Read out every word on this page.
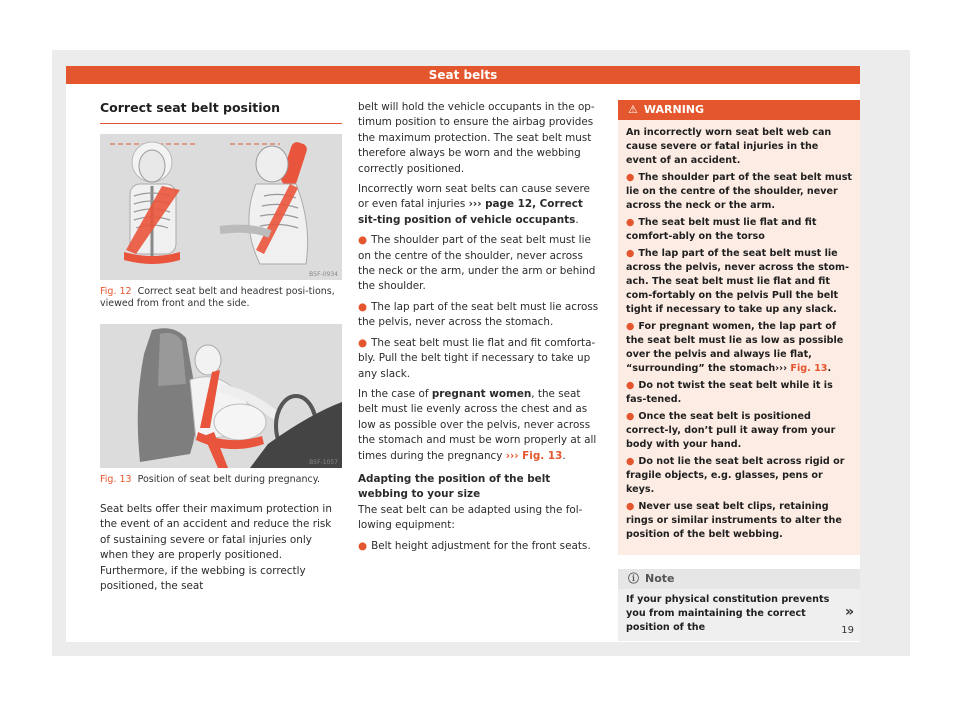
Seat belts
Correct seat belt position
B5F-0934
Fig. 12 Correct seat belt and headrest posi-tions, viewed from front and the side.
B5F-1057
Fig. 13 Position of seat belt during pregnancy.
Seat belts offer their maximum protection in the event of an accident and reduce the risk of sustaining severe or fatal injuries only when they are properly positioned. Furthermore, if the webbing is correctly positioned, the seat

belt will hold the vehicle occupants in the op-timum position to ensure the airbag provides the maximum protection. The seat belt must therefore always be worn and the webbing correctly positioned.

Incorrectly worn seat belts can cause severe or even fatal injuries ››› page 12, Correct sit-ting position of vehicle occupants.

● The shoulder part of the seat belt must lie on the centre of the shoulder, never across the neck or the arm, under the arm or behind the shoulder.

● The lap part of the seat belt must lie across the pelvis, never across the stomach.

● The seat belt must lie flat and fit comforta-bly. Pull the belt tight if necessary to take up any slack.

In the case of pregnant women, the seat belt must lie evenly across the chest and as low as possible over the pelvis, never across the stomach and must be worn properly at all times during the pregnancy ››› Fig. 13.

Adapting the position of the belt webbing to your size

The seat belt can be adapted using the fol-lowing equipment:

● Belt height adjustment for the front seats.

⚠ WARNING

An incorrectly worn seat belt web can cause severe or fatal injuries in the event of an accident.

● The shoulder part of the seat belt must lie on the centre of the shoulder, never across the neck or the arm.

● The seat belt must lie flat and fit comfort-ably on the torso

● The lap part of the seat belt must lie across the pelvis, never across the stom-ach. The seat belt must lie flat and fit com-fortably on the pelvis Pull the belt tight if necessary to take up any slack.

● For pregnant women, the lap part of the seat belt must lie as low as possible over the pelvis and always lie flat, “surrounding” the stomach››› Fig. 13.

● Do not twist the seat belt while it is fas-tened.

● Once the seat belt is positioned correct-ly, don’t pull it away from your body with your hand.

● Do not lie the seat belt across rigid or fragile objects, e.g. glasses, pens or keys.

● Never use seat belt clips, retaining rings or similar instruments to alter the position of the belt webbing.

ⓘ Note
If your physical constitution prevents you from maintaining the correct position of the
»
19
